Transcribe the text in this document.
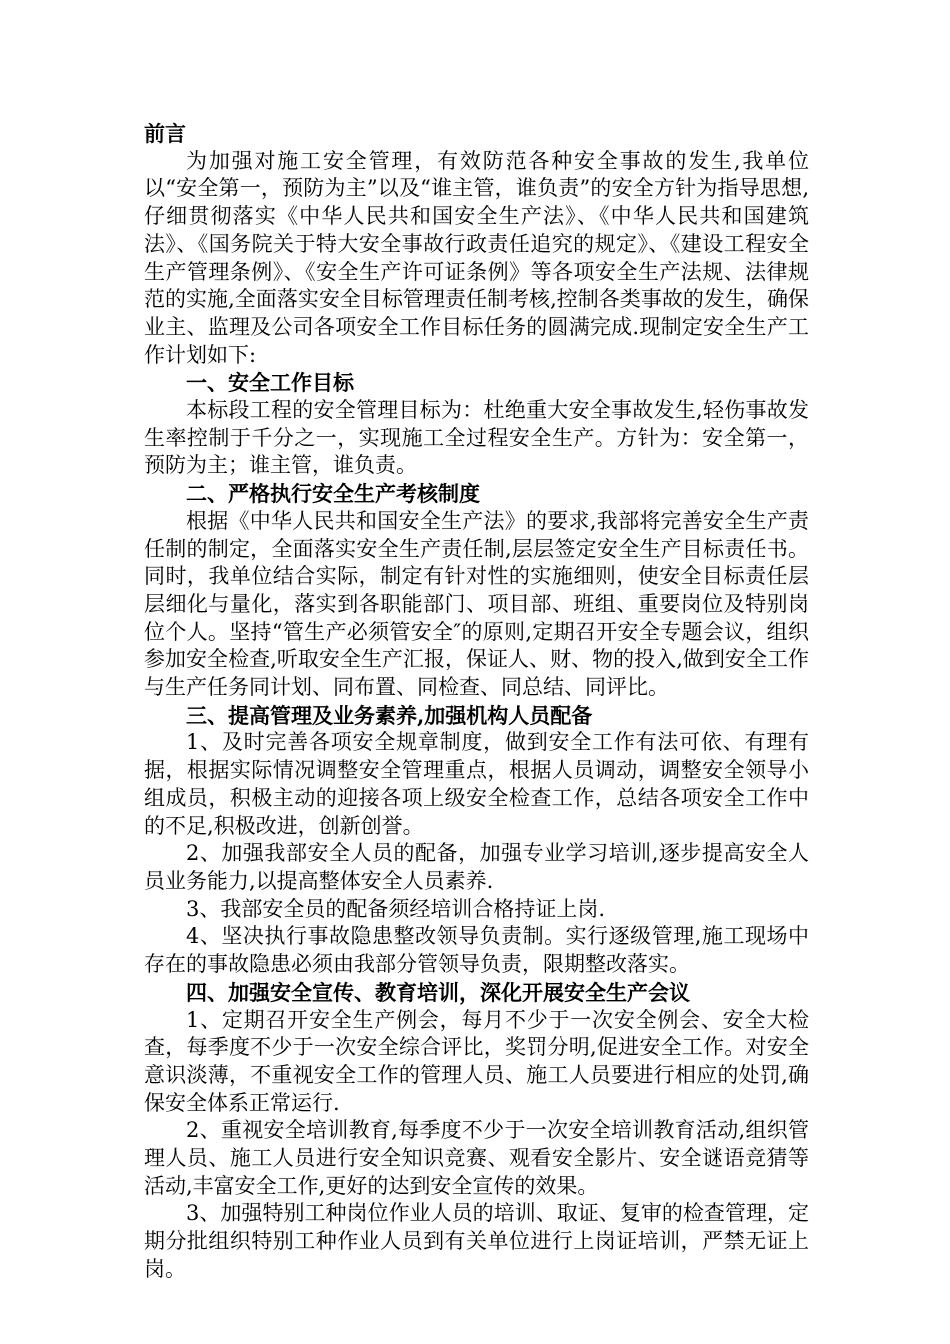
前言

为加强对施工安全管理，有效防范各种安全事故的发生,我单位以“安全第一，预防为主”以及“谁主管，谁负责”的安全方针为指导思想,仔细贯彻落实《中华人民共和国安全生产法》、《中华人民共和国建筑法》、《国务院关于特大安全事故行政责任追究的规定》、《建设工程安全生产管理条例》、《安全生产许可证条例》等各项安全生产法规、法律规范的实施,全面落实安全目标管理责任制考核,控制各类事故的发生，确保业主、监理及公司各项安全工作目标任务的圆满完成.现制定安全生产工作计划如下:

一、安全工作目标

本标段工程的安全管理目标为：杜绝重大安全事故发生,轻伤事故发生率控制于千分之一，实现施工全过程安全生产。方针为：安全第一，预防为主；谁主管，谁负责。

二、严格执行安全生产考核制度

根据《中华人民共和国安全生产法》的要求,我部将完善安全生产责任制的制定，全面落实安全生产责任制,层层签定安全生产目标责任书。同时，我单位结合实际，制定有针对性的实施细则，使安全目标责任层层细化与量化，落实到各职能部门、项目部、班组、重要岗位及特别岗位个人。坚持“管生产必须管安全″的原则,定期召开安全专题会议，组织参加安全检查,听取安全生产汇报，保证人、财、物的投入,做到安全工作与生产任务同计划、同布置、同检查、同总结、同评比。

三、提高管理及业务素养,加强机构人员配备

1、及时完善各项安全规章制度，做到安全工作有法可依、有理有据，根据实际情况调整安全管理重点，根据人员调动，调整安全领导小组成员，积极主动的迎接各项上级安全检查工作，总结各项安全工作中的不足,积极改进，创新创誉。

2、加强我部安全人员的配备，加强专业学习培训,逐步提高安全人员业务能力,以提高整体安全人员素养.

3、我部安全员的配备须经培训合格持证上岗.

4、坚决执行事故隐患整改领导负责制。实行逐级管理,施工现场中存在的事故隐患必须由我部分管领导负责，限期整改落实。

四、加强安全宣传、教育培训，深化开展安全生产会议

1、定期召开安全生产例会，每月不少于一次安全例会、安全大检查，每季度不少于一次安全综合评比，奖罚分明,促进安全工作。对安全意识淡薄，不重视安全工作的管理人员、施工人员要进行相应的处罚,确保安全体系正常运行.

2、重视安全培训教育,每季度不少于一次安全培训教育活动,组织管理人员、施工人员进行安全知识竞赛、观看安全影片、安全谜语竞猜等活动,丰富安全工作,更好的达到安全宣传的效果。

3、加强特别工种岗位作业人员的培训、取证、复审的检查管理，定期分批组织特别工种作业人员到有关单位进行上岗证培训，严禁无证上岗。
